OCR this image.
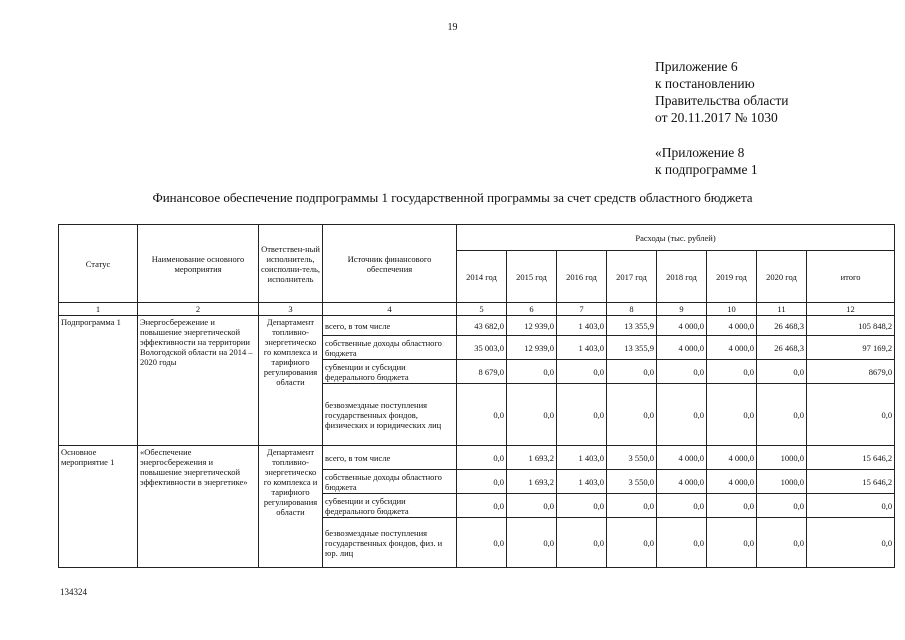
19
Приложение 6
к постановлению
Правительства области
от 20.11.2017 № 1030
«Приложение 8
к подпрограмме 1
Финансовое обеспечение подпрограммы 1 государственной программы за счет средств областного бюджета
Статус	Наименование основного мероприятия	Ответствен-ный исполнитель, соисполни-тель, исполнитель	Источник финансового обеспечения	Расходы (тыс. рублей)							
				2014 год	2015 год	2016 год	2017 год	2018 год	2019 год	2020 год	итого
1	2	3	4	5	6	7	8	9	10	11	12
Подпрограмма 1	Энергосбережение и повышение энергетической эффективности на территории Вологодской области на 2014 – 2020 годы	Департамент топливно-энергетическо го комплекса и тарифного регулирования области	всего, в том числе	43 682,0	12 939,0	1 403,0	13 355,9	4 000,0	4 000,0	26 468,3	105 848,2
			собственные доходы областного бюджета	35 003,0	12 939,0	1 403,0	13 355,9	4 000,0	4 000,0	26 468,3	97 169,2
			субвенции и субсидии федерального бюджета	8 679,0	0,0	0,0	0,0	0,0	0,0	0,0	8679,0
			безвозмездные поступления государственных фондов, физических и юридических лиц	0,0	0,0	0,0	0,0	0,0	0,0	0,0	0,0
Основное мероприятие 1	«Обеспечение энергосбережения и повышение энергетической эффективности в энергетике»	Департамент топливно-энергетическо го комплекса и тарифного регулирования области	всего, в том числе	0,0	1 693,2	1 403,0	3 550,0	4 000,0	4 000,0	1000,0	15 646,2
			собственные доходы областного бюджета	0,0	1 693,2	1 403,0	3 550,0	4 000,0	4 000,0	1000,0	15 646,2
			субвенции и субсидии федерального бюджета	0,0	0,0	0,0	0,0	0,0	0,0	0,0	0,0
			безвозмездные поступления государственных фондов, физ. и юр. лиц	0,0	0,0	0,0	0,0	0,0	0,0	0,0	0,0
134324
